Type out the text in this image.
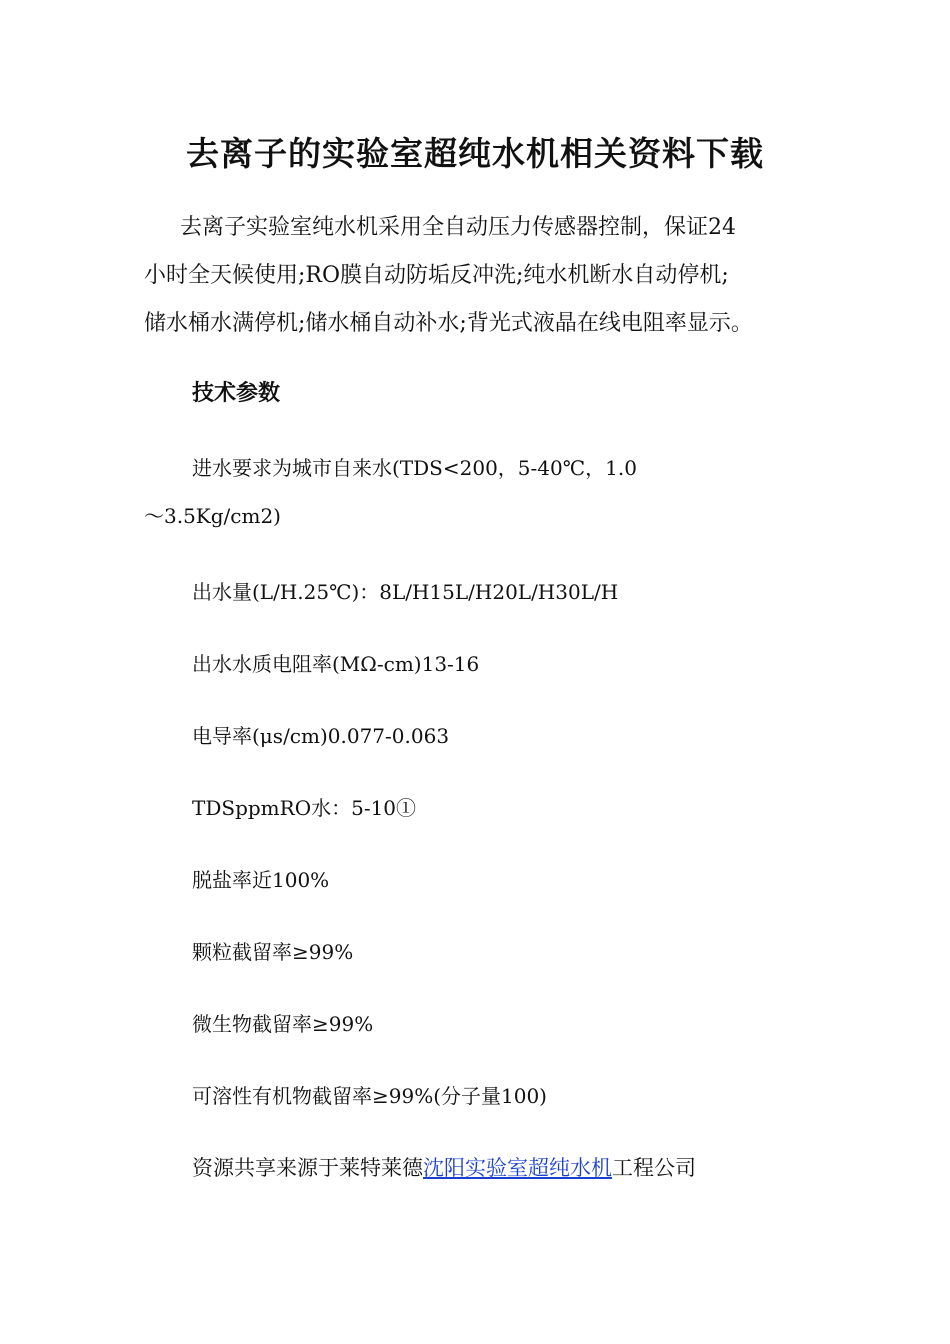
去离子的实验室超纯水机相关资料下载

去离子实验室纯水机采用全自动压力传感器控制，保证24
小时全天候使用;RO膜自动防垢反冲洗;纯水机断水自动停机;
储水桶水满停机;储水桶自动补水;背光式液晶在线电阻率显示。

技术参数

进水要求为城市自来水(TDS<200，5-40℃，1.0
～3.5Kg/cm2)

出水量(L/H.25℃)：8L/H15L/H20L/H30L/H

出水水质电阻率(MΩ-cm)13-16

电导率(μs/cm)0.077-0.063

TDSppmRO水：5-10①

脱盐率近100%

颗粒截留率≥99%

微生物截留率≥99%

可溶性有机物截留率≥99%(分子量100)

资源共享来源于莱特莱德沈阳实验室超纯水机工程公司
